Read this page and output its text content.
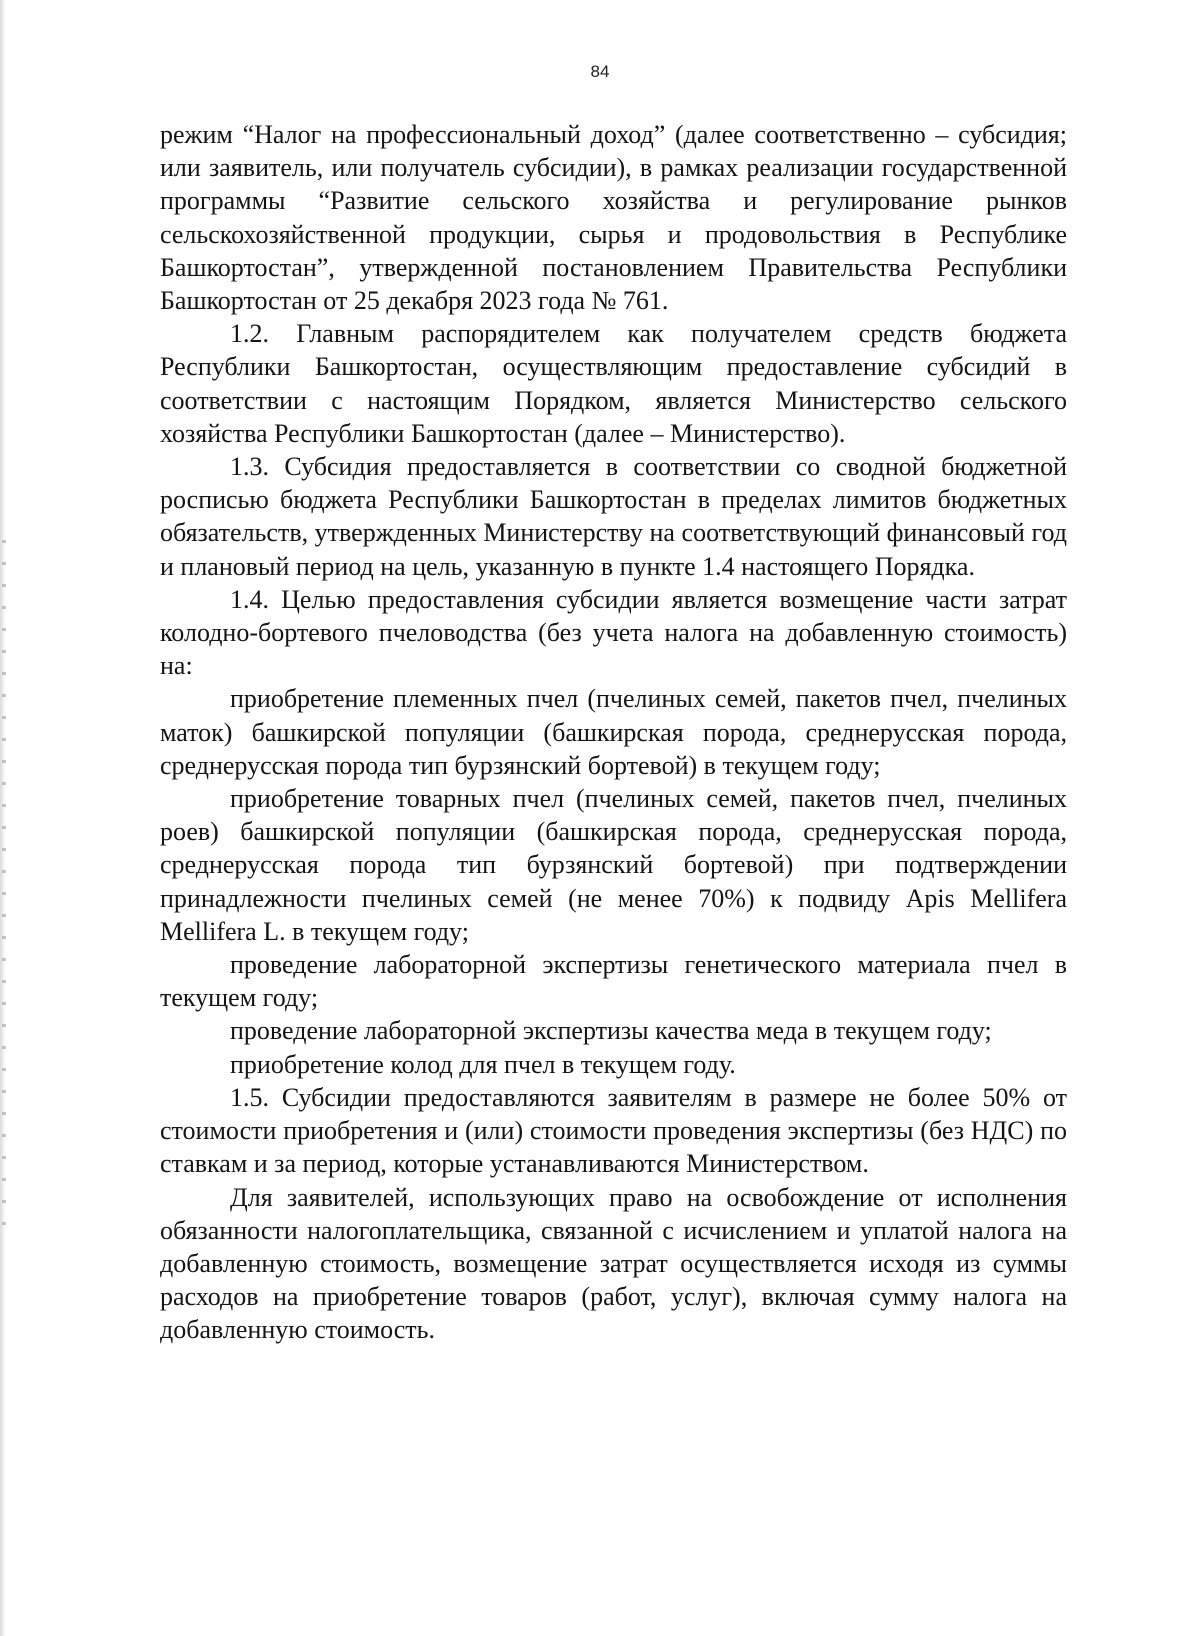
84

режим “Налог на профессиональный доход” (далее соответственно – субсидия; или заявитель, или получатель субсидии), в рамках реализации государственной программы “Развитие сельского хозяйства и регулирование рынков сельскохозяйственной продукции, сырья и продовольствия в Республике Башкортостан”, утвержденной постановлением Правительства Республики Башкортостан от 25 декабря 2023 года № 761.

1.2. Главным распорядителем как получателем средств бюджета Республики Башкортостан, осуществляющим предоставление субсидий в соответствии с настоящим Порядком, является Министерство сельского хозяйства Республики Башкортостан (далее – Министерство).

1.3. Субсидия предоставляется в соответствии со сводной бюджетной росписью бюджета Республики Башкортостан в пределах лимитов бюджетных обязательств, утвержденных Министерству на соответствующий финансовый год и плановый период на цель, указанную в пункте 1.4 настоящего Порядка.

1.4. Целью предоставления субсидии является возмещение части затрат колодно-бортевого пчеловодства (без учета налога на добавленную стоимость) на:

приобретение племенных пчел (пчелиных семей, пакетов пчел, пчелиных маток) башкирской популяции (башкирская порода, среднерусская порода, среднерусская порода тип бурзянский бортевой) в текущем году;

приобретение товарных пчел (пчелиных семей, пакетов пчел, пчелиных роев) башкирской популяции (башкирская порода, среднерусская порода, среднерусская порода тип бурзянский бортевой) при подтверждении принадлежности пчелиных семей (не менее 70%) к подвиду Apis Mellifera Mellifera L. в текущем году;

проведение лабораторной экспертизы генетического материала пчел в текущем году;

проведение лабораторной экспертизы качества меда в текущем году;

приобретение колод для пчел в текущем году.

1.5. Субсидии предоставляются заявителям в размере не более 50% от стоимости приобретения и (или) стоимости проведения экспертизы (без НДС) по ставкам и за период, которые устанавливаются Министерством.

Для заявителей, использующих право на освобождение от исполнения обязанности налогоплательщика, связанной с исчислением и уплатой налога на добавленную стоимость, возмещение затрат осуществляется исходя из суммы расходов на приобретение товаров (работ, услуг), включая сумму налога на добавленную стоимость.
